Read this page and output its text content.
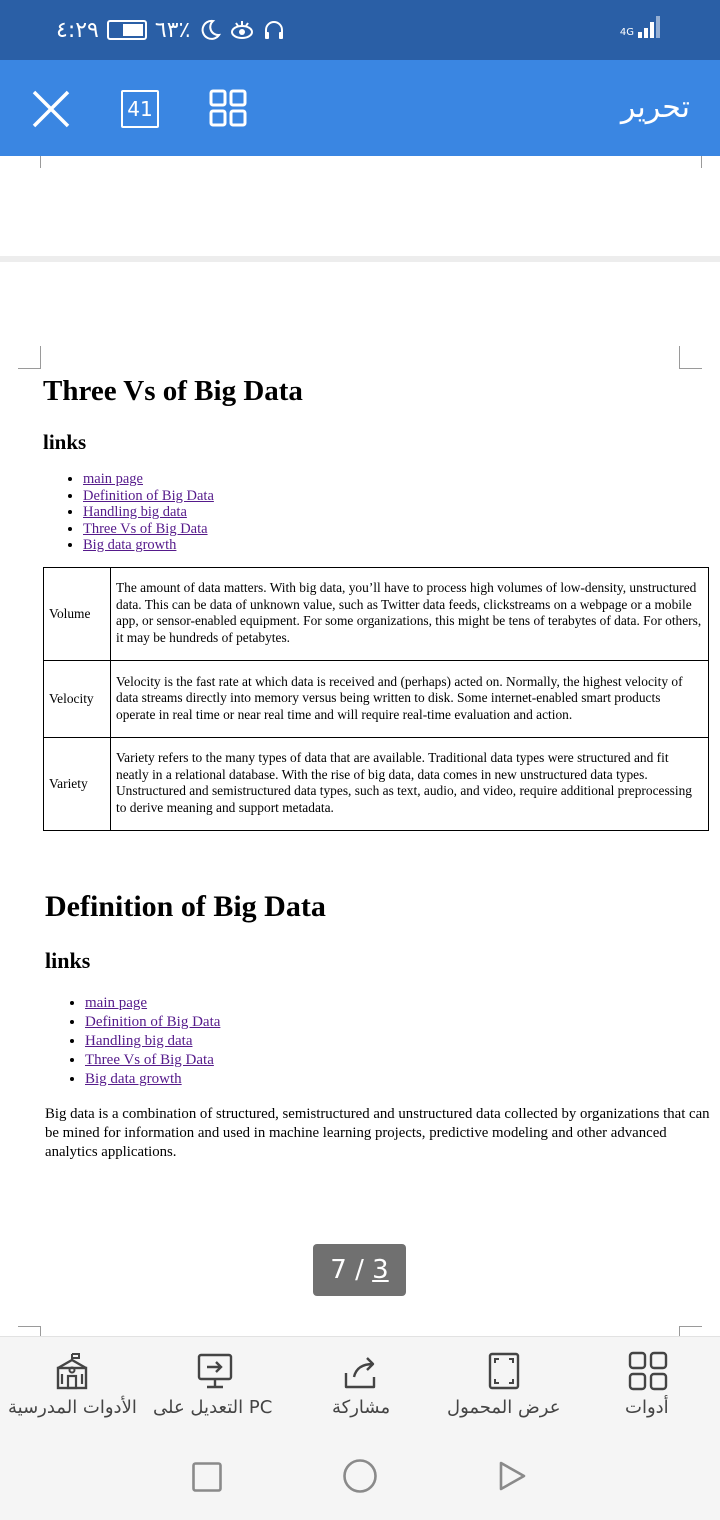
٤:٢٩	٦٣٪	4G
41	تحرير
Three Vs of Big Data
links
• main page
• Definition of Big Data
• Handling big data
• Three Vs of Big Data
• Big data growth
Volume	The amount of data matters. With big data, you’ll have to process high volumes of low-density, unstructured data. This can be data of unknown value, such as Twitter data feeds, clickstreams on a webpage or a mobile app, or sensor-enabled equipment. For some organizations, this might be tens of terabytes of data. For others, it may be hundreds of petabytes.
Velocity	Velocity is the fast rate at which data is received and (perhaps) acted on. Normally, the highest velocity of data streams directly into memory versus being written to disk. Some internet-enabled smart products operate in real time or near real time and will require real-time evaluation and action.
Variety	Variety refers to the many types of data that are available. Traditional data types were structured and fit neatly in a relational database. With the rise of big data, data comes in new unstructured data types. Unstructured and semistructured data types, such as text, audio, and video, require additional preprocessing to derive meaning and support metadata.
Definition of Big Data
links
• main page
• Definition of Big Data
• Handling big data
• Three Vs of Big Data
• Big data growth

Big data is a combination of structured, semistructured and unstructured data collected by organizations that can be mined for information and used in machine learning projects, predictive modeling and other advanced analytics applications.

7 / 3
الأدوات المدرسية التعديل على PC	مشاركة	عرض المحمول	أدوات
